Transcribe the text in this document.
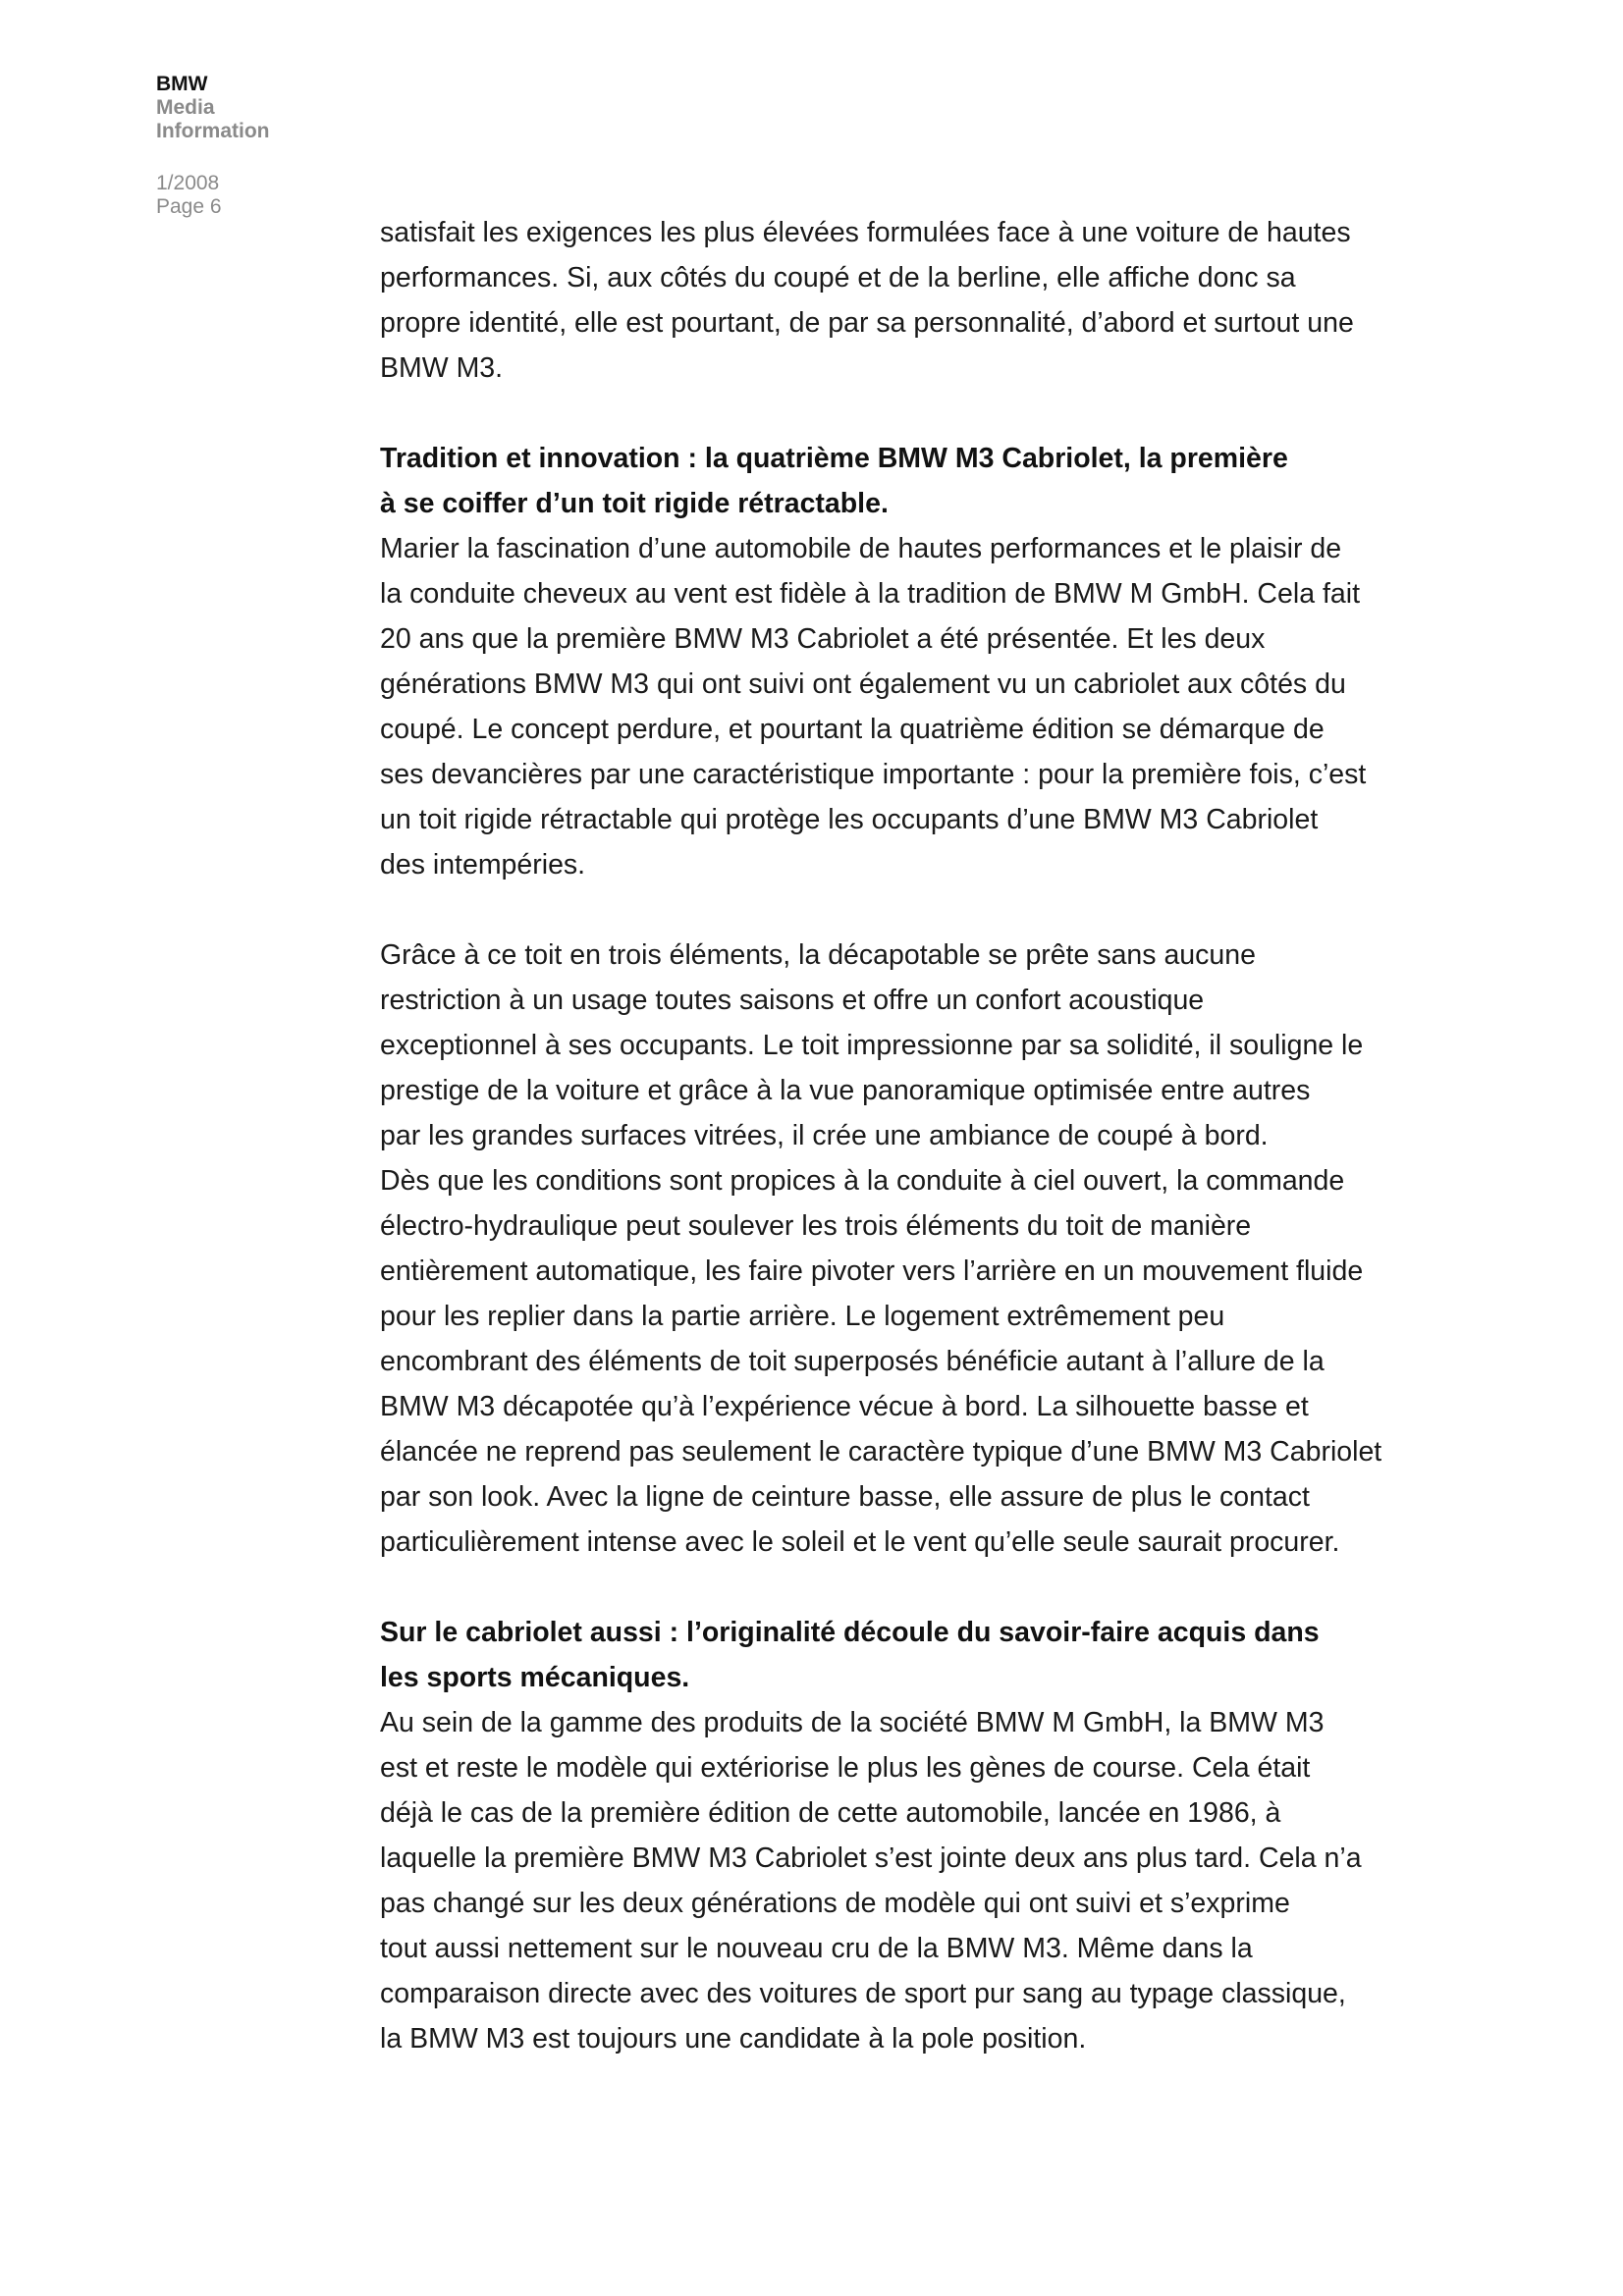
BMW
Media
Information
1/2008
Page 6
satisfait les exigences les plus élevées formulées face à une voiture de hautes
performances. Si, aux côtés du coupé et de la berline, elle affiche donc sa
propre identité, elle est pourtant, de par sa personnalité, d’abord et surtout une
BMW M3.
Tradition et innovation : la quatrième BMW M3 Cabriolet, la première
à se coiffer d’un toit rigide rétractable.
Marier la fascination d’une automobile de hautes performances et le plaisir de
la conduite cheveux au vent est fidèle à la tradition de BMW M GmbH. Cela fait
20 ans que la première BMW M3 Cabriolet a été présentée. Et les deux
générations BMW M3 qui ont suivi ont également vu un cabriolet aux côtés du
coupé. Le concept perdure, et pourtant la quatrième édition se démarque de
ses devancières par une caractéristique importante : pour la première fois, c’est
un toit rigide rétractable qui protège les occupants d’une BMW M3 Cabriolet
des intempéries.
Grâce à ce toit en trois éléments, la décapotable se prête sans aucune
restriction à un usage toutes saisons et offre un confort acoustique
exceptionnel à ses occupants. Le toit impressionne par sa solidité, il souligne le
prestige de la voiture et grâce à la vue panoramique optimisée entre autres
par les grandes surfaces vitrées, il crée une ambiance de coupé à bord.
Dès que les conditions sont propices à la conduite à ciel ouvert, la commande
électro-hydraulique peut soulever les trois éléments du toit de manière
entièrement automatique, les faire pivoter vers l’arrière en un mouvement fluide
pour les replier dans la partie arrière. Le logement extrêmement peu
encombrant des éléments de toit superposés bénéficie autant à l’allure de la
BMW M3 décapotée qu’à l’expérience vécue à bord. La silhouette basse et
élancée ne reprend pas seulement le caractère typique d’une BMW M3 Cabriolet
par son look. Avec la ligne de ceinture basse, elle assure de plus le contact
particulièrement intense avec le soleil et le vent qu’elle seule saurait procurer.
Sur le cabriolet aussi : l’originalité découle du savoir-faire acquis dans
les sports mécaniques.
Au sein de la gamme des produits de la société BMW M GmbH, la BMW M3
est et reste le modèle qui extériorise le plus les gènes de course. Cela était
déjà le cas de la première édition de cette automobile, lancée en 1986, à
laquelle la première BMW M3 Cabriolet s’est jointe deux ans plus tard. Cela n’a
pas changé sur les deux générations de modèle qui ont suivi et s’exprime
tout aussi nettement sur le nouveau cru de la BMW M3. Même dans la
comparaison directe avec des voitures de sport pur sang au typage classique,
la BMW M3 est toujours une candidate à la pole position.
